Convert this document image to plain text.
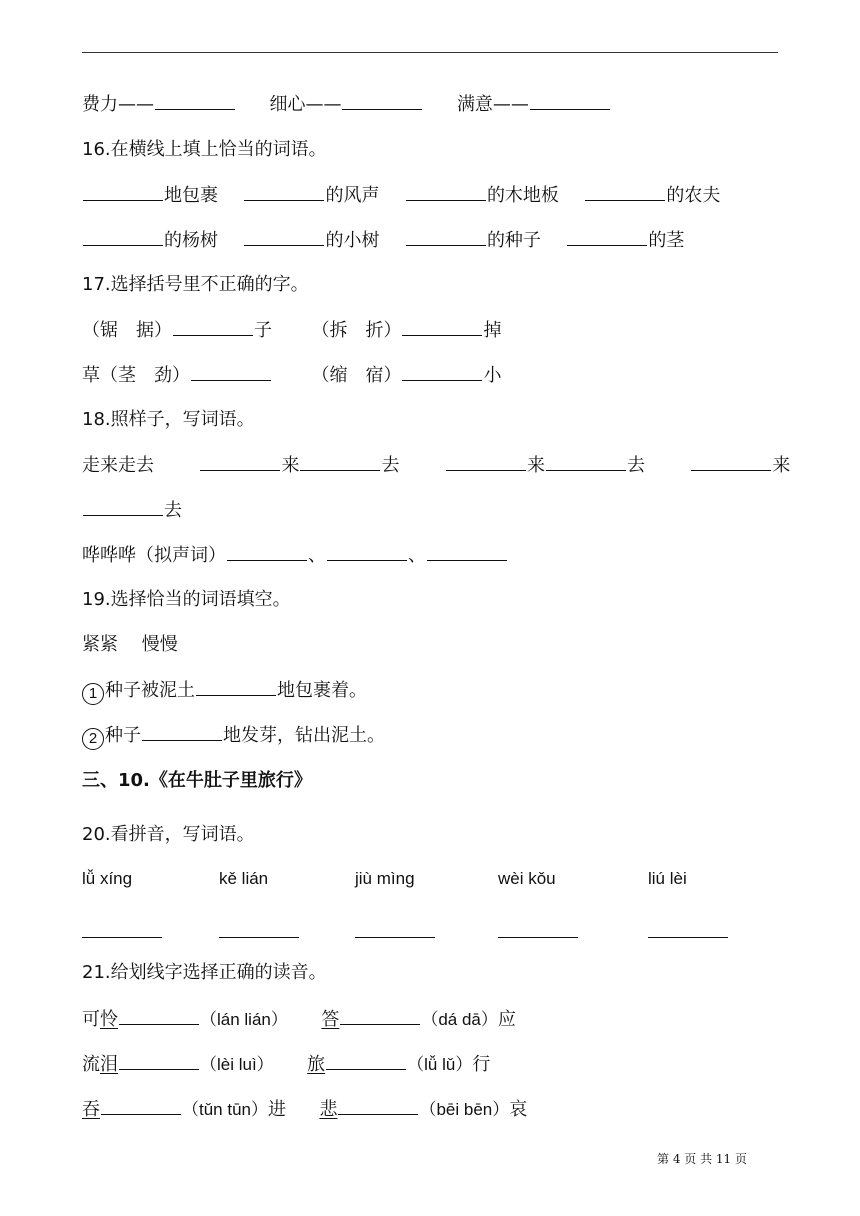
费力——	细心——	满意——
16.在横线上填上恰当的词语。
地包裹	的风声	的木地板	的农夫
的杨树	的小树	的种子	的茎
17.选择括号里不正确的字。
（锯　据）	子 （拆　折）	掉
草（茎　劲）	（缩　宿）	小
18.照样子，写词语。
走来走去	来	去	来	去	来
去
哗哗哗（拟声词）	、	、
19.选择恰当的词语填空。
紧紧　 慢慢
1 种子被泥土	地包裹着。
2 种子	地发芽，钻出泥土。
三、10.《在牛肚子里旅行》
20.看拼音，写词语。
lǚ xíng	kě lián	jiù mìng	wèi kǒu	liú lèi
21.给划线字选择正确的读音。
可怜	（lán lián） 答	（dá dā）应
流泪	（lèi luì） 旅	（lǚ lǔ）行
吞	（tǔn tūn）进 悲	（bēi bēn）哀
第 4 页 共 11 页
